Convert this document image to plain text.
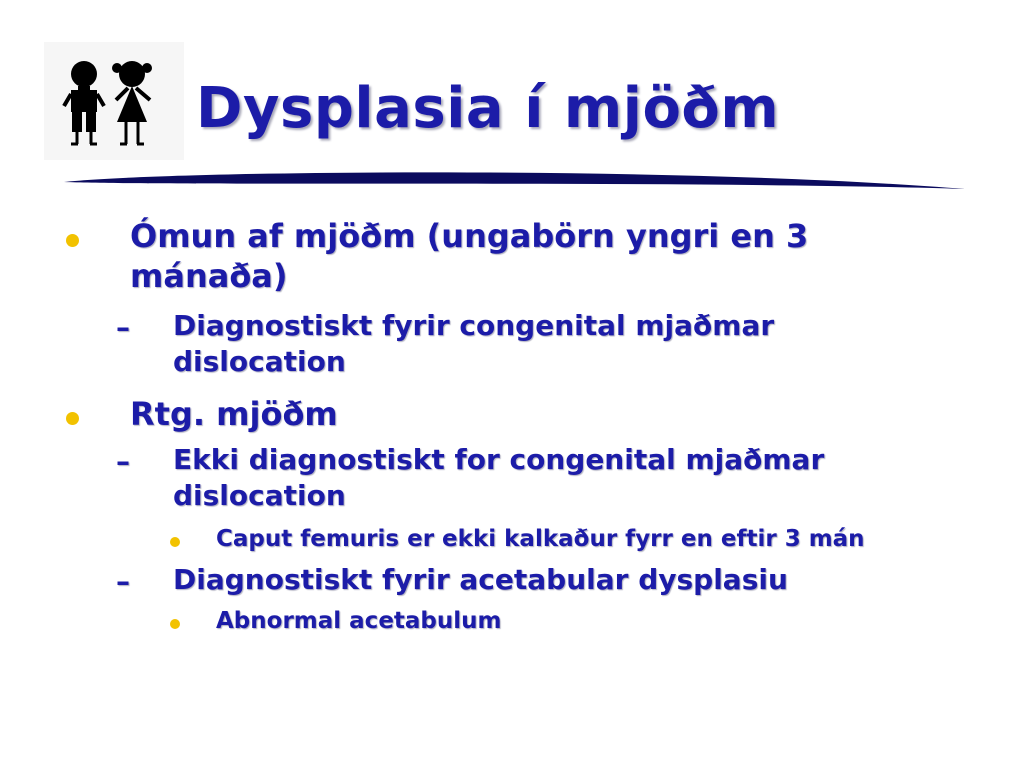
Dysplasia í mjöðm
Ómun af mjöðm (ungabörn yngri en 3
mánaða)
– Diagnostiskt fyrir congenital mjaðmar
dislocation
Rtg. mjöðm
– Ekki diagnostiskt for congenital mjaðmar
dislocation
Caput femuris er ekki kalkaður fyrr en eftir 3 mán
– Diagnostiskt fyrir acetabular dysplasiu
Abnormal acetabulum
